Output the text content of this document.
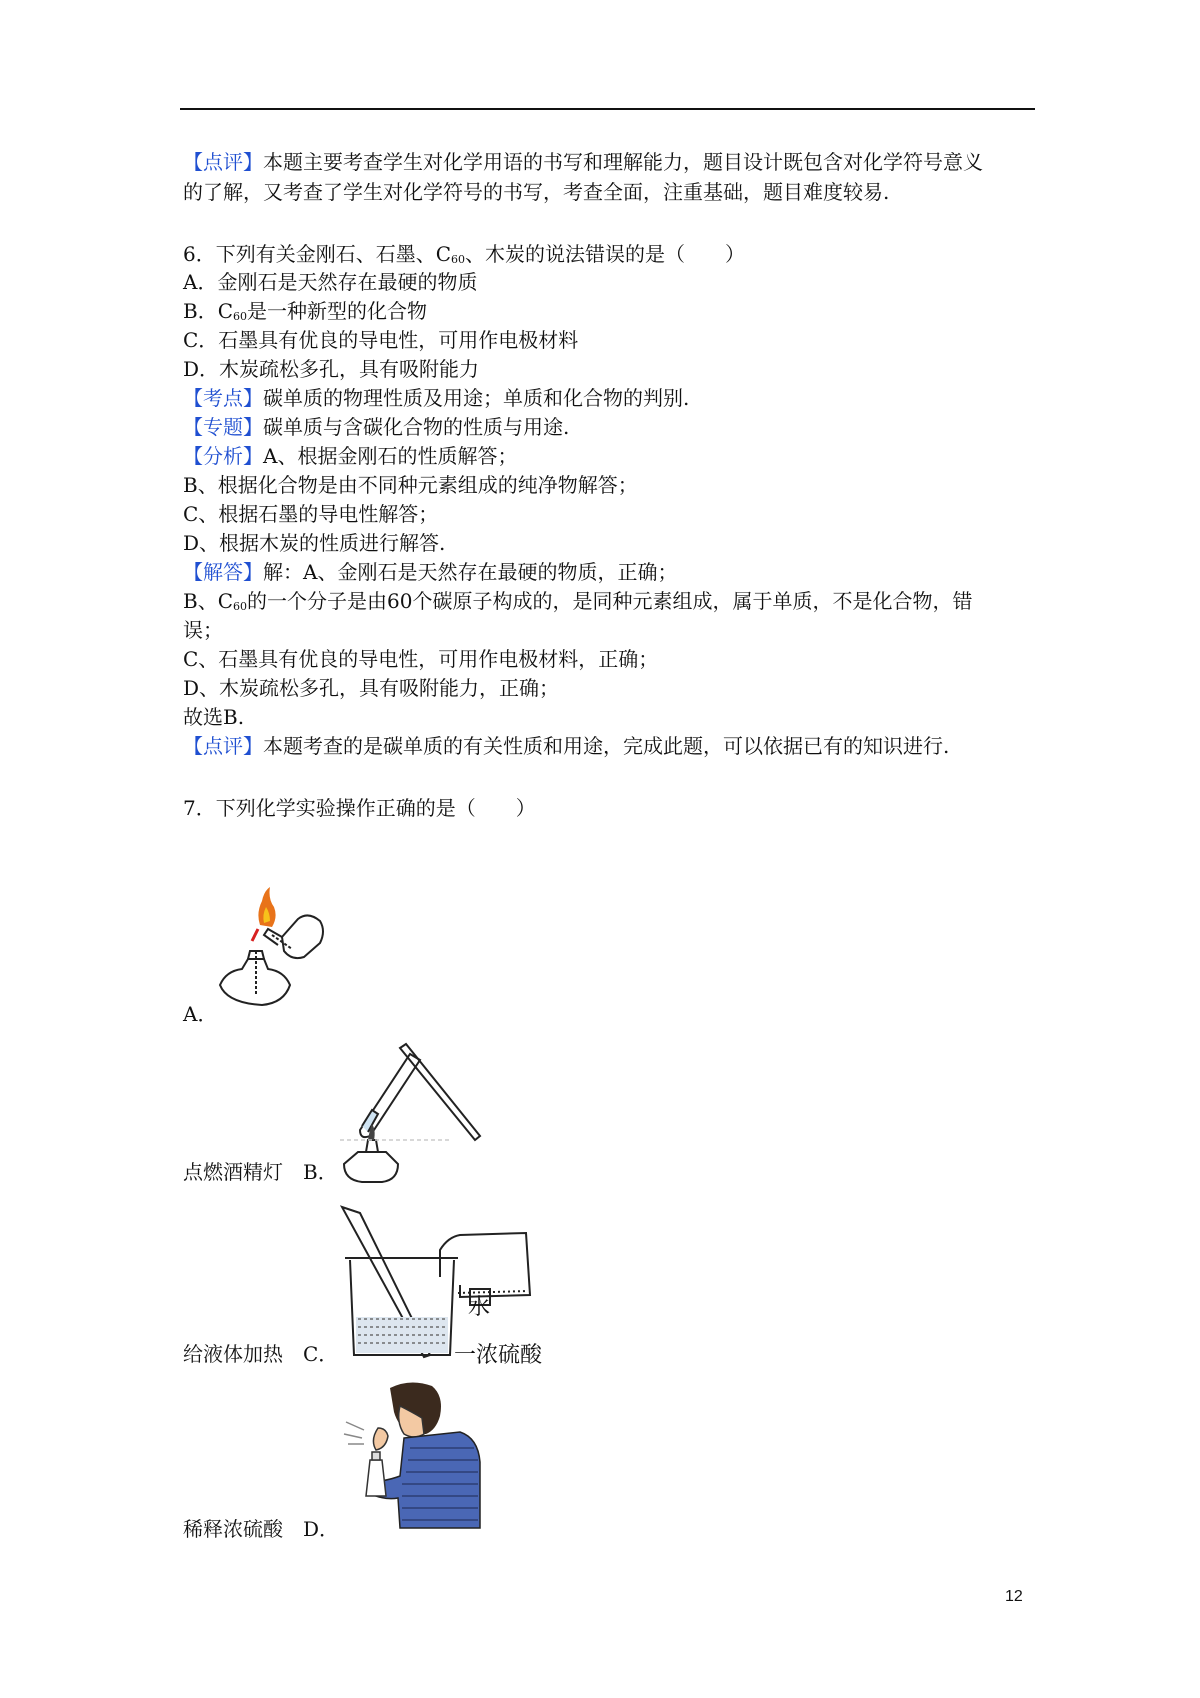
【点评】本题主要考查学生对化学用语的书写和理解能力，题目设计既包含对化学符号意义
的了解，又考查了学生对化学符号的书写，考查全面，注重基础，题目难度较易.
6．下列有关金刚石、石墨、C60、木炭的说法错误的是（　　）
A．金刚石是天然存在最硬的物质
B．C60是一种新型的化合物
C．石墨具有优良的导电性，可用作电极材料
D．木炭疏松多孔，具有吸附能力
【考点】碳单质的物理性质及用途；单质和化合物的判别.
【专题】碳单质与含碳化合物的性质与用途.
【分析】A、根据金刚石的性质解答；
B、根据化合物是由不同种元素组成的纯净物解答；
C、根据石墨的导电性解答；
D、根据木炭的性质进行解答.
【解答】解：A、金刚石是天然存在最硬的物质，正确；
B、C60的一个分子是由60个碳原子构成的，是同种元素组成，属于单质，不是化合物，错
误；
C、石墨具有优良的导电性，可用作电极材料，正确；
D、木炭疏松多孔，具有吸附能力，正确；
故选B.
【点评】本题考查的是碳单质的有关性质和用途，完成此题，可以依据已有的知识进行.
7．下列化学实验操作正确的是（　　）
A．
点燃酒精灯　B．
水
一浓硫酸
给液体加热　C．
稀释浓硫酸　D．
12
